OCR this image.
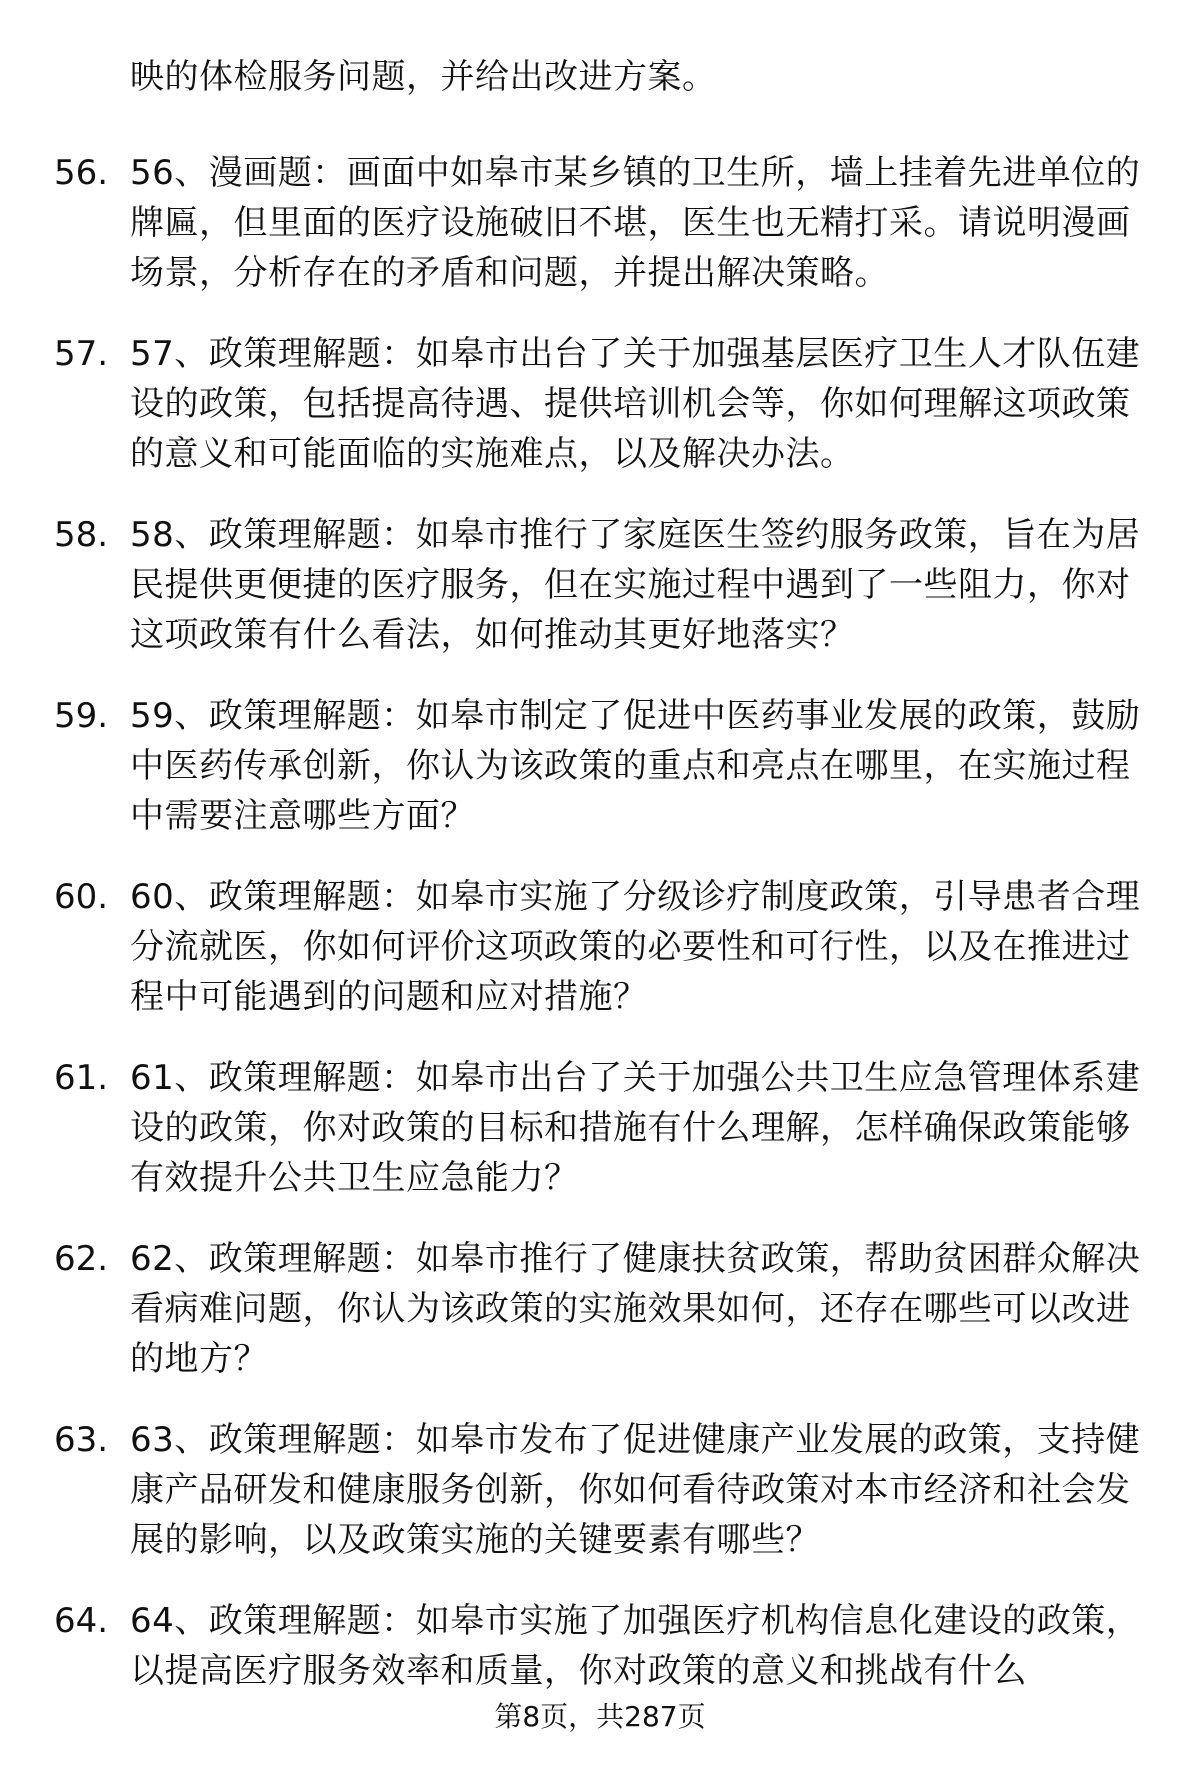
映的体检服务问题，并给出改进方案。
56. 56、漫画题：画面中如皋市某乡镇的卫生所，墙上挂着先进单位的牌匾，但里面的医疗设施破旧不堪，医生也无精打采。请说明漫画场景，分析存在的矛盾和问题，并提出解决策略。
57. 57、政策理解题：如皋市出台了关于加强基层医疗卫生人才队伍建设的政策，包括提高待遇、提供培训机会等，你如何理解这项政策的意义和可能面临的实施难点，以及解决办法。
58. 58、政策理解题：如皋市推行了家庭医生签约服务政策，旨在为居民提供更便捷的医疗服务，但在实施过程中遇到了一些阻力，你对这项政策有什么看法，如何推动其更好地落实？
59. 59、政策理解题：如皋市制定了促进中医药事业发展的政策，鼓励中医药传承创新，你认为该政策的重点和亮点在哪里，在实施过程中需要注意哪些方面？
60. 60、政策理解题：如皋市实施了分级诊疗制度政策，引导患者合理分流就医，你如何评价这项政策的必要性和可行性，以及在推进过程中可能遇到的问题和应对措施？
61. 61、政策理解题：如皋市出台了关于加强公共卫生应急管理体系建设的政策，你对政策的目标和措施有什么理解，怎样确保政策能够有效提升公共卫生应急能力？
62. 62、政策理解题：如皋市推行了健康扶贫政策，帮助贫困群众解决看病难问题，你认为该政策的实施效果如何，还存在哪些可以改进的地方？
63. 63、政策理解题：如皋市发布了促进健康产业发展的政策，支持健康产品研发和健康服务创新，你如何看待政策对本市经济和社会发展的影响，以及政策实施的关键要素有哪些？
64. 64、政策理解题：如皋市实施了加强医疗机构信息化建设的政策，以提高医疗服务效率和质量，你对政策的意义和挑战有什么
第8页，共287页
